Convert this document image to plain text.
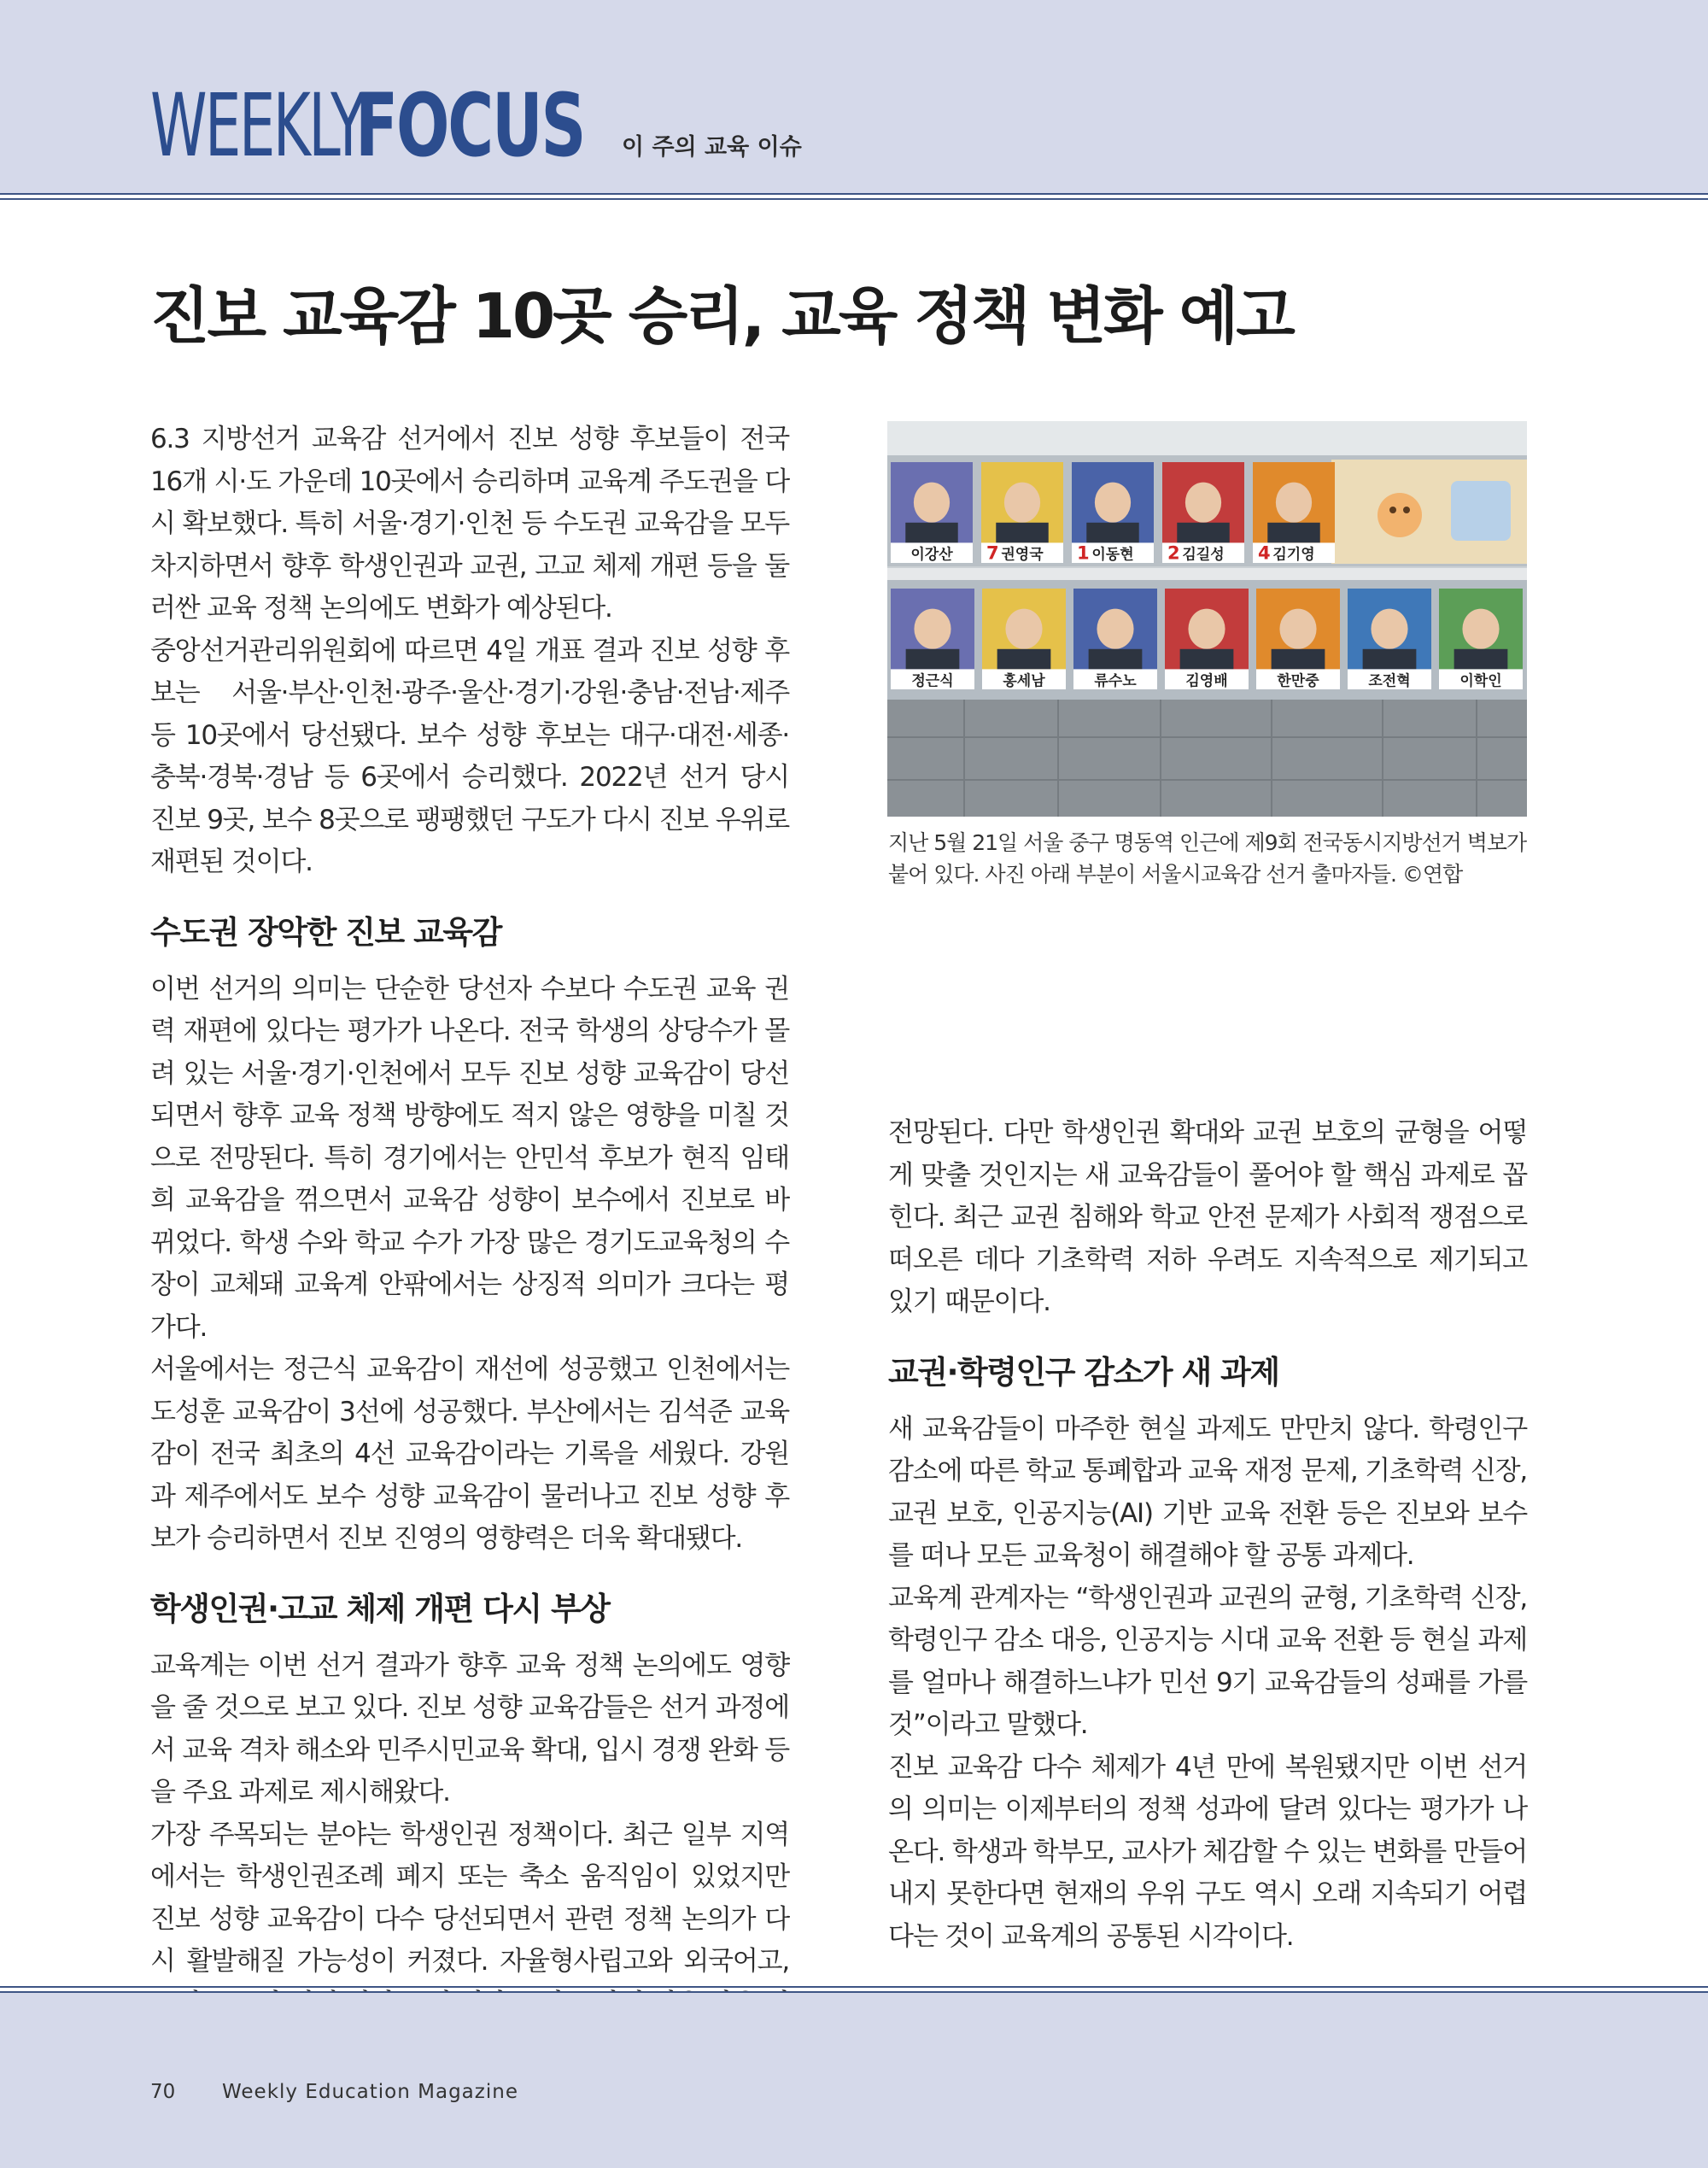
WEEKLY
FOCUS 이 주의 교육 이슈
진보 교육감 10곳 승리, 교육 정책 변화 예고

6.3 지방선거 교육감 선거에서 진보 성향 후보들이 전국 16개 시·도 가운데 10곳에서 승리하며 교육계 주도권을 다시 확보했다. 특히 서울·경기·인천 등 수도권 교육감을 모두 차지하면서 향후 학생인권과 교권, 고교 체제 개편 등을 둘러싼 교육 정책 논의에도 변화가 예상된다.

중앙선거관리위원회에 따르면 4일 개표 결과 진보 성향 후보는 서울·부산·인천·광주·울산·경기·강원·충남·전남·제주 등 10곳에서 당선됐다. 보수 성향 후보는 대구·대전·세종·충북·경북·경남 등 6곳에서 승리했다. 2022년 선거 당시 진보 9곳, 보수 8곳으로 팽팽했던 구도가 다시 진보 우위로 재편된 것이다.

수도권 장악한 진보 교육감

이번 선거의 의미는 단순한 당선자 수보다 수도권 교육 권력 재편에 있다는 평가가 나온다. 전국 학생의 상당수가 몰려 있는 서울·경기·인천에서 모두 진보 성향 교육감이 당선되면서 향후 교육 정책 방향에도 적지 않은 영향을 미칠 것으로 전망된다. 특히 경기에서는 안민석 후보가 현직 임태희 교육감을 꺾으면서 교육감 성향이 보수에서 진보로 바뀌었다. 학생 수와 학교 수가 가장 많은 경기도교육청의 수장이 교체돼 교육계 안팎에서는 상징적 의미가 크다는 평가다.

서울에서는 정근식 교육감이 재선에 성공했고 인천에서는 도성훈 교육감이 3선에 성공했다. 부산에서는 김석준 교육감이 전국 최초의 4선 교육감이라는 기록을 세웠다. 강원과 제주에서도 보수 성향 교육감이 물러나고 진보 성향 후보가 승리하면서 진보 진영의 영향력은 더욱 확대됐다.

학생인권·고교 체제 개편 다시 부상

교육계는 이번 선거 결과가 향후 교육 정책 논의에도 영향을 줄 것으로 보고 있다. 진보 성향 교육감들은 선거 과정에서 교육 격차 해소와 민주시민교육 확대, 입시 경쟁 완화 등을 주요 과제로 제시해왔다.

가장 주목되는 분야는 학생인권 정책이다. 최근 일부 지역에서는 학생인권조례 폐지 또는 축소 움직임이 있었지만 진보 성향 교육감이 다수 당선되면서 관련 정책 논의가 다시 활발해질 가능성이 커졌다. 자율형사립고와 외국어고,

전망된다. 다만 학생인권 확대와 교권 보호의 균형을 어떻게 맞출 것인지는 새 교육감들이 풀어야 할 핵심 과제로 꼽힌다. 최근 교권 침해와 학교 안전 문제가 사회적 쟁점으로 떠오른 데다 기초학력 저하 우려도 지속적으로 제기되고 있기 때문이다.

교권·학령인구 감소가 새 과제

새 교육감들이 마주한 현실 과제도 만만치 않다. 학령인구 감소에 따른 학교 통폐합과 교육 재정 문제, 기초학력 신장, 교권 보호, 인공지능(AI) 기반 교육 전환 등은 진보와 보수를 떠나 모든 교육청이 해결해야 할 공통 과제다.

교육계 관계자는 “학생인권과 교권의 균형, 기초학력 신장, 학령인구 감소 대응, 인공지능 시대 교육 전환 등 현실 과제를 얼마나 해결하느냐가 민선 9기 교육감들의 성패를 가를 것”이라고 말했다.

진보 교육감 다수 체제가 4년 만에 복원됐지만 이번 선거의 의미는 이제부터의 정책 성과에 달려 있다는 평가가 나온다. 학생과 학부모, 교사가 체감할 수 있는 변화를 만들어내지 못한다면 현재의 우위 구도 역시 오래 지속되기 어렵다는 것이 교육계의 공통된 시각이다.

이강산	권영국
7	이동현
1	김길성
2	김기영
4
정근식	홍세남	류수노	김영배	한만중	조전혁	이학인
지난 5월 21일 서울 중구 명동역 인근에 제9회 전국동시지방선거 벽보가 붙어 있다. 사진 아래 부분이 서울시교육감 선거 출마자들. ©연합
70 Weekly Education Magazine
